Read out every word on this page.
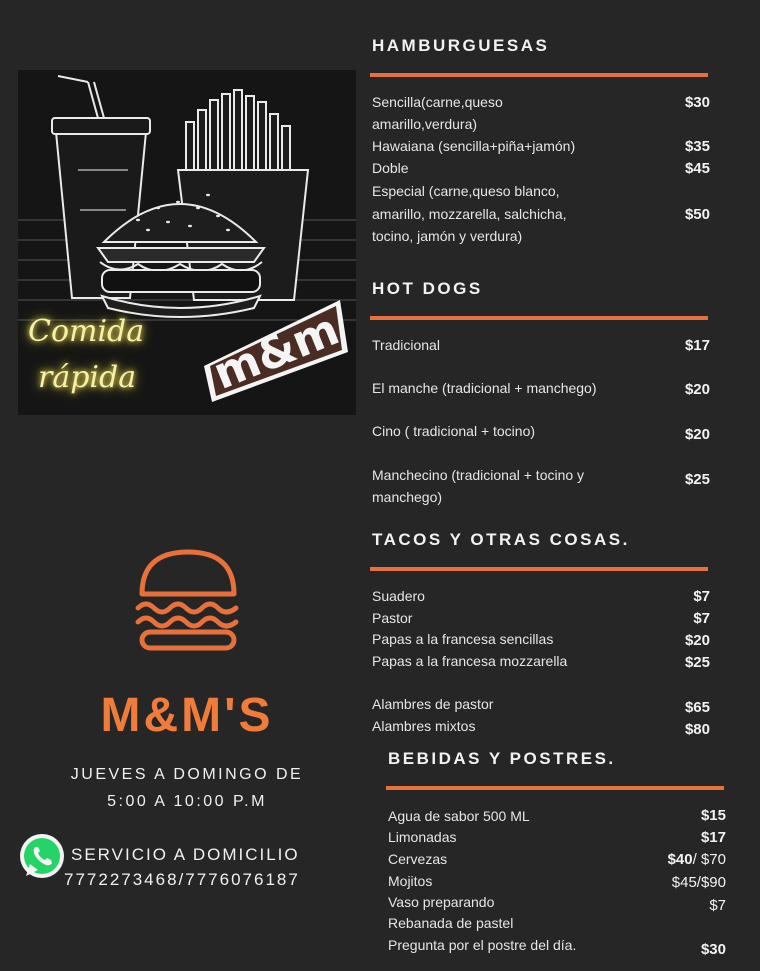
Comida
rápida m&m
M&M'S
JUEVES A DOMINGO DE
5:00 A 10:00 P.M
SERVICIO A DOMICILIO
7772273468/7776076187
HAMBURGUESAS
Sencilla(carne,queso
amarillo,verdura)
$30
Hawaiana (sencilla+piña+jamón)	$35
Doble	$45
Especial (carne,queso blanco,
amarillo, mozzarella, salchicha,
tocino, jamón y verdura)
$50
HOT DOGS
Tradicional	$17
El manche (tradicional + manchego)	$20
Cino ( tradicional + tocino)	$20
Manchecino (tradicional + tocino y
manchego)
$25
TACOS Y OTRAS COSAS.
Suadero	$7
Pastor	$7
Papas a la francesa sencillas	$20
Papas a la francesa mozzarella	$25
Alambres de pastor	$65
Alambres mixtos	$80
BEBIDAS Y POSTRES.
Agua de sabor 500 ML	$15
Limonadas	$17
Cervezas	$40/ $70
Mojitos	$45/$90
Vaso preparando	$7
Rebanada de pastel
Pregunta por el postre del día.	$30
